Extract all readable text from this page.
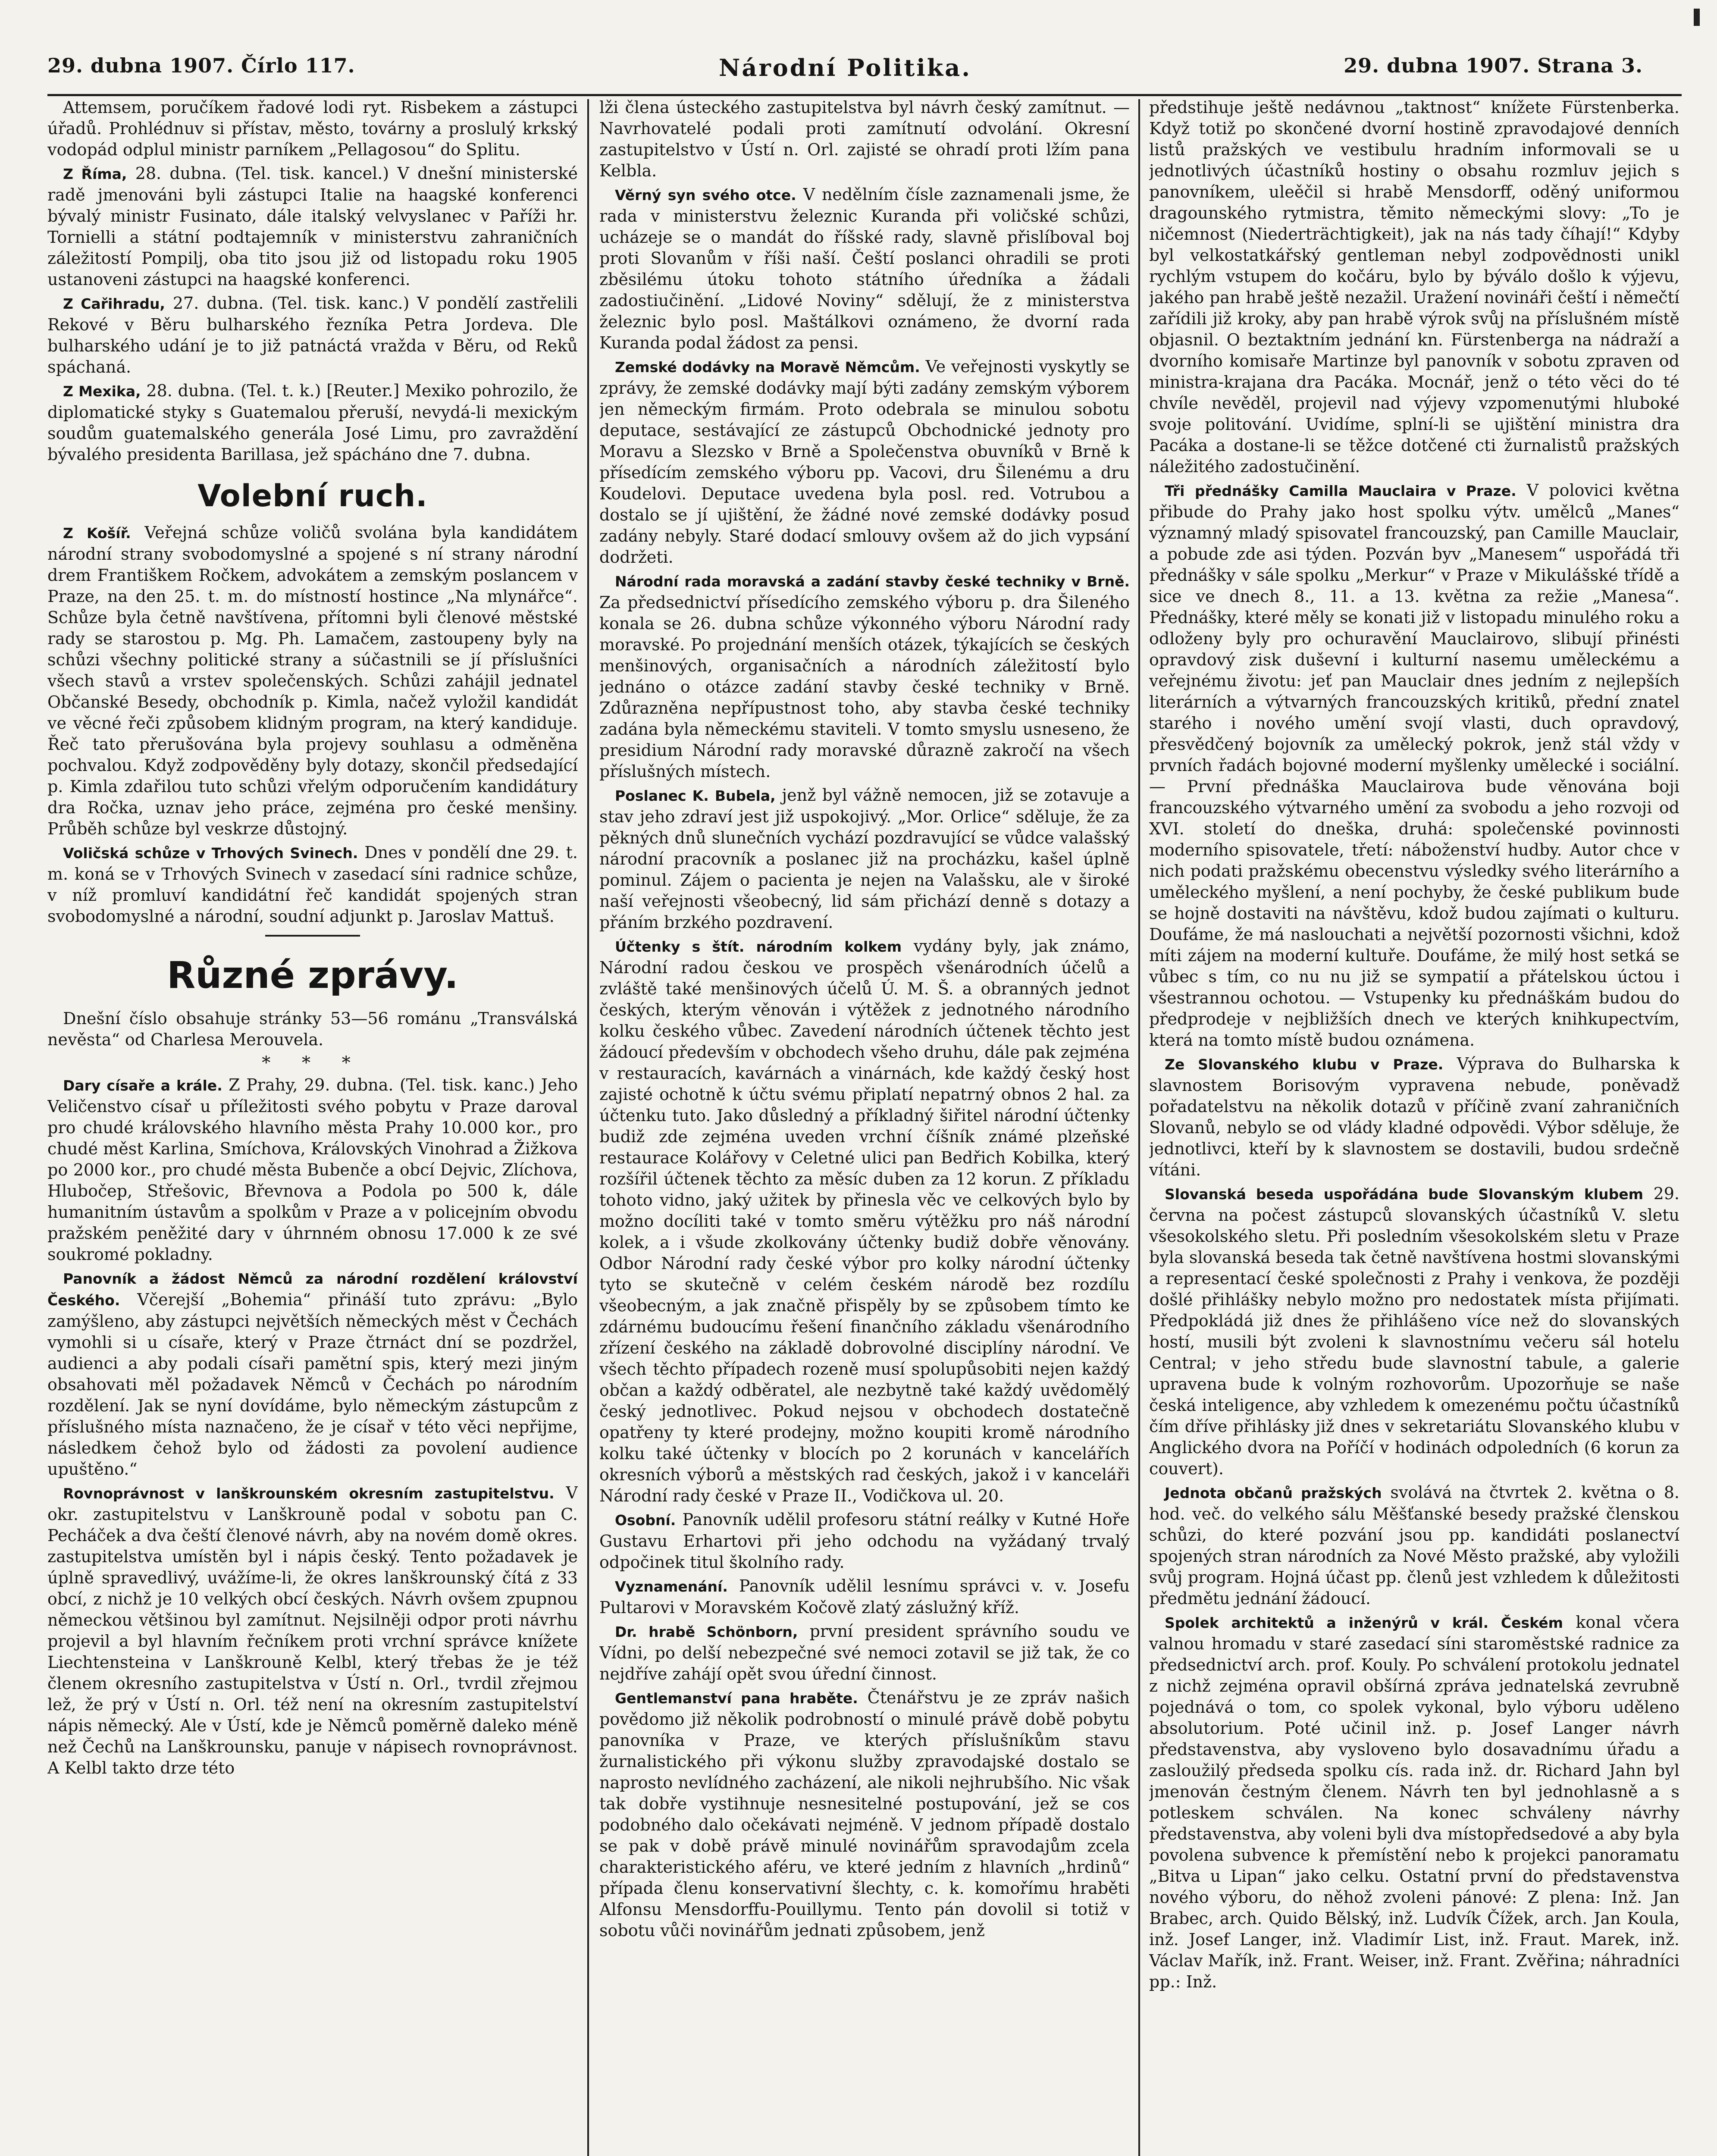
29. dubna 1907. Čírlo 117.	Národní Politika.	29. dubna 1907. Strana 3.

Attemsem, poručíkem řadové lodi ryt. Risbekem a zástupci úřadů. Prohlédnuv si přístav, město, továrny a proslulý krkský vodopád odplul ministr parníkem „Pellagosou“ do Splitu.

Z Říma, 28. dubna. (Tel. tisk. kancel.) V dnešní ministerské radě jmenováni byli zástupci Italie na haagské konferenci bývalý ministr Fusinato, dále italský velvyslanec v Paříži hr. Tornielli a státní podtajemník v ministerstvu zahraničních záležitostí Pompilj, oba tito jsou již od listopadu roku 1905 ustanoveni zástupci na haagské konferenci.

Z Cařihradu, 27. dubna. (Tel. tisk. kanc.) V pondělí zastřelili Rekové v Běru bulharského řezníka Petra Jordeva. Dle bulharského udání je to již patnáctá vražda v Běru, od Reků spáchaná.

Z Mexika, 28. dubna. (Tel. t. k.) [Reuter.] Mexiko pohrozilo, že diplomatické styky s Guatemalou přeruší, nevydá-li mexickým soudům guatemalského generála José Limu, pro zavraždění bývalého presidenta Barillasa, jež spácháno dne 7. dubna.

Volební ruch.

Z Košíř. Veřejná schůze voličů svolána byla kandidátem národní strany svobodomyslné a spojené s ní strany národní drem Františkem Ročkem, advokátem a zemským poslancem v Praze, na den 25. t. m. do místností hostince „Na mlynářce“. Schůze byla četně navštívena, přítomni byli členové městské rady se starostou p. Mg. Ph. Lamačem, zastoupeny byly na schůzi všechny politické strany a súčastnili se jí příslušníci všech stavů a vrstev společenských. Schůzi zahájil jednatel Občanské Besedy, obchodník p. Kimla, načež vyložil kandidát ve věcné řeči způsobem klidným program, na který kandiduje. Řeč tato přerušována byla projevy souhlasu a odměněna pochvalou. Když zodpověděny byly dotazy, skončil předsedající p. Kimla zdařilou tuto schůzi vřelým odporučením kandidátury dra Ročka, uznav jeho práce, zejména pro české menšiny. Průběh schůze byl veskrze důstojný.

Voličská schůze v Trhových Svinech. Dnes v pondělí dne 29. t. m. koná se v Trhových Svinech v zasedací síni radnice schůze, v níž promluví kandidátní řeč kandidát spojených stran svobodomyslné a národní, soudní adjunkt p. Jaroslav Mattuš.

Různé zprávy.

Dnešní číslo obsahuje stránky 53—56 románu „Transválská nevěsta“ od Charlesa Merouvela.

* * *

Dary císaře a krále. Z Prahy, 29. dubna. (Tel. tisk. kanc.) Jeho Veličenstvo císař u příležitosti svého pobytu v Praze daroval pro chudé královského hlavního města Prahy 10.000 kor., pro chudé měst Karlina, Smíchova, Královských Vinohrad a Žižkova po 2000 kor., pro chudé města Bubenče a obcí Dejvic, Zlíchova, Hlubočep, Střešovic, Břevnova a Podola po 500 k, dále humanitním ústavům a spolkům v Praze a v policejním obvodu pražském peněžité dary v úhrnném obnosu 17.000 k ze své soukromé pokladny.

Panovník a žádost Němců za národní rozdělení království Českého. Včerejší „Bohemia“ přináší tuto zprávu: „Bylo zamýšleno, aby zástupci největších německých měst v Čechách vymohli si u císaře, který v Praze čtrnáct dní se pozdržel, audienci a aby podali císaři pamětní spis, který mezi jiným obsahovati měl požadavek Němců v Čechách po národním rozdělení. Jak se nyní dovídáme, bylo německým zástupcům z příslušného místa naznačeno, že je císař v této věci nepřijme, následkem čehož bylo od žádosti za povolení audience upuštěno.“

Rovnoprávnost v lanškrounském okresním zastupitelstvu. V okr. zastupitelstvu v Lanškrouně podal v sobotu pan C. Pecháček a dva čeští členové návrh, aby na novém domě okres. zastupitelstva umístěn byl i nápis český. Tento požadavek je úplně spravedlivý, uvážíme-li, že okres lanškrounský čítá z 33 obcí, z nichž je 10 velkých obcí českých. Návrh ovšem zpupnou německou většinou byl zamítnut. Nejsilněji odpor proti návrhu projevil a byl hlavním řečníkem proti vrchní správce knížete Liechtensteina v Lanškrouně Kelbl, který třebas že je též členem okresního zastupitelstva v Ústí n. Orl., tvrdil zřejmou lež, že prý v Ústí n. Orl. též není na okresním zastupitelství nápis německý. Ale v Ústí, kde je Němců poměrně daleko méně než Čechů na Lanškrounsku, panuje v nápisech rovnoprávnost. A Kelbl takto drze této

lži člena ústeckého zastupitelstva byl návrh český zamítnut. — Navrhovatelé podali proti zamítnutí odvolání. Okresní zastupitelstvo v Ústí n. Orl. zajisté se ohradí proti lžím pana Kelbla.

Věrný syn svého otce. V nedělním čísle zaznamenali jsme, že rada v ministerstvu železnic Kuranda při voličské schůzi, ucházeje se o mandát do říšské rady, slavně přislíboval boj proti Slovanům v říši naší. Čeští poslanci ohradili se proti zběsilému útoku tohoto státního úředníka a žádali zadostiučinění. „Lidové Noviny“ sdělují, že z ministerstva železnic bylo posl. Maštálkovi oznámeno, že dvorní rada Kuranda podal žádost za pensi.

Zemské dodávky na Moravě Němcům. Ve veřejnosti vyskytly se zprávy, že zemské dodávky mají býti zadány zemským výborem jen německým firmám. Proto odebrala se minulou sobotu deputace, sestávající ze zástupců Obchodnické jednoty pro Moravu a Slezsko v Brně a Společenstva obuvníků v Brně k přísedícím zemského výboru pp. Vacovi, dru Šilenému a dru Koudelovi. Deputace uvedena byla posl. red. Votrubou a dostalo se jí ujištění, že žádné nové zemské dodávky posud zadány nebyly. Staré dodací smlouvy ovšem až do jich vypsání dodržeti.

Národní rada moravská a zadání stavby české techniky v Brně. Za předsednictví přísedícího zemského výboru p. dra Šileného konala se 26. dubna schůze výkonného výboru Národní rady moravské. Po projednání menších otázek, týkajících se českých menšinových, organisačních a národních záležitostí bylo jednáno o otázce zadání stavby české techniky v Brně. Zdůrazněna nepřípustnost toho, aby stavba české techniky zadána byla německému staviteli. V tomto smyslu usneseno, že presidium Národní rady moravské důrazně zakročí na všech příslušných místech.

Poslanec K. Bubela, jenž byl vážně nemocen, již se zotavuje a stav jeho zdraví jest již uspokojivý. „Mor. Orlice“ sděluje, že za pěkných dnů slunečních vychází pozdravující se vůdce valašský národní pracovník a poslanec již na procházku, kašel úplně pominul. Zájem o pacienta je nejen na Valašsku, ale v široké naší veřejnosti všeobecný, lid sám přichází denně s dotazy a přáním brzkého pozdravení.

Účtenky s štít. národním kolkem vydány byly, jak známo, Národní radou českou ve prospěch všenárodních účelů a zvláště také menšinových účelů Ú. M. Š. a obranných jednot českých, kterým věnován i výtěžek z jednotného národního kolku českého vůbec. Zavedení národních účtenek těchto jest žádoucí především v obchodech všeho druhu, dále pak zejména v restauracích, kavárnách a vinárnách, kde každý český host zajisté ochotně k účtu svému připlatí nepatrný obnos 2 hal. za účtenku tuto. Jako důsledný a příkladný šiřitel národní účtenky budiž zde zejména uveden vrchní číšník známé plzeňské restaurace Kolářovy v Celetné ulici pan Bedřich Kobilka, který rozšířil účtenek těchto za měsíc duben za 12 korun. Z příkladu tohoto vidno, jaký užitek by přinesla věc ve celkových bylo by možno docíliti také v tomto směru výtěžku pro náš národní kolek, a i všude zkolkovány účtenky budiž dobře věnovány. Odbor Národní rady české výbor pro kolky národní účtenky tyto se skutečně v celém českém národě bez rozdílu všeobecným, a jak značně přispěly by se způsobem tímto ke zdárnému budoucímu řešení finančního základu všenárodního zřízení českého na základě dobrovolné disciplíny národní. Ve všech těchto případech rozeně musí spolupůsobiti nejen každý občan a každý odběratel, ale nezbytně také každý uvědomělý český jednotlivec. Pokud nejsou v obchodech dostatečně opatřeny ty které prodejny, možno koupiti kromě národního kolku také účtenky v blocích po 2 korunách v kancelářích okresních výborů a městských rad českých, jakož i v kanceláři Národní rady české v Praze II., Vodičkova ul. 20.

Osobní. Panovník udělil profesoru státní reálky v Kutné Hoře Gustavu Erhartovi při jeho odchodu na vyžádaný trvalý odpočinek titul školního rady.

Vyznamenání. Panovník udělil lesnímu správci v. v. Josefu Pultarovi v Moravském Kočově zlatý záslužný kříž.

Dr. hrabě Schönborn, první president správního soudu ve Vídni, po delší nebezpečné své nemoci zotavil se již tak, že co nejdříve zahájí opět svou úřední činnost.

Gentlemanství pana hraběte. Čtenářstvu je ze zpráv našich povědomo již několik podrobností o minulé právě době pobytu panovníka v Praze, ve kterých příslušníkům stavu žurnalistického při výkonu služby zpravodajské dostalo se naprosto nevlídného zacházení, ale nikoli nejhrubšího. Nic však tak dobře vystihnuje nesnesitelné postupování, jež se cos podobného dalo očekávati nejméně. V jednom případě dostalo se pak v době právě minulé novinářům spravodajům zcela charakteristického aféru, ve které jedním z hlavních „hrdinů“ případa členu konservativní šlechty, c. k. komořímu hraběti Alfonsu Mensdorffu-Pouillymu. Tento pán dovolil si totiž v sobotu vůči novinářům jednati způsobem, jenž

předstihuje ještě nedávnou „taktnost“ knížete Fürstenberka. Když totiž po skončené dvorní hostině zpravodajové denních listů pražských ve vestibulu hradním informovali se u jednotlivých účastníků hostiny o obsahu rozmluv jejich s panovníkem, uleěčil si hrabě Mensdorff, oděný uniformou dragounského rytmistra, těmito německými slovy: „To je ničemnost (Niederträchtigkeit), jak na nás tady číhají!“ Kdyby byl velkostatkářský gentleman nebyl zodpovědnosti unikl rychlým vstupem do kočáru, bylo by býválo došlo k výjevu, jakého pan hrabě ještě nezažil. Uražení novináři čeští i němečtí zařídili již kroky, aby pan hrabě výrok svůj na příslušném místě objasnil. O beztaktním jednání kn. Fürstenberga na nádraží a dvorního komisaře Martinze byl panovník v sobotu zpraven od ministra-krajana dra Pacáka. Mocnář, jenž o této věci do té chvíle nevěděl, projevil nad výjevy vzpomenutými hluboké svoje politování. Uvidíme, splní-li se ujištění ministra dra Pacáka a dostane-li se těžce dotčené cti žurnalistů pražských náležitého zadostučinění.

Tři přednášky Camilla Mauclaira v Praze. V polovici května přibude do Prahy jako host spolku výtv. umělců „Manes“ významný mladý spisovatel francouzský, pan Camille Mauclair, a pobude zde asi týden. Pozván byv „Manesem“ uspořádá tři přednášky v sále spolku „Merkur“ v Praze v Mikulášské třídě a sice ve dnech 8., 11. a 13. května za režie „Manesa“. Přednášky, které měly se konati již v listopadu minulého roku a odloženy byly pro ochuravění Mauclairovo, slibují přinésti opravdový zisk duševní i kulturní nasemu uměleckému a veřejnému životu: jeť pan Mauclair dnes jedním z nejlepších literárních a výtvarných francouzských kritiků, přední znatel starého i nového umění svojí vlasti, duch opravdový, přesvědčený bojovník za umělecký pokrok, jenž stál vždy v prvních řadách bojovné moderní myšlenky umělecké i sociální. — První přednáška Mauclairova bude věnována boji francouzského výtvarného umění za svobodu a jeho rozvoji od XVI. století do dneška, druhá: společenské povinnosti moderního spisovatele, třetí: náboženství hudby. Autor chce v nich podati pražskému obecenstvu výsledky svého literárního a uměleckého myšlení, a není pochyby, že české publikum bude se hojně dostaviti na návštěvu, kdož budou zajímati o kulturu. Doufáme, že má naslouchati a největší pozornosti všichni, kdož míti zájem na moderní kultuře. Doufáme, že milý host setká se vůbec s tím, co nu nu již se sympatií a přátelskou úctou i všestrannou ochotou. — Vstupenky ku přednáškám budou do předprodeje v nejbližších dnech ve kterých knihkupectvím, která na tomto místě budou oznámena.

Ze Slovanského klubu v Praze. Výprava do Bulharska k slavnostem Borisovým vypravena nebude, poněvadž pořadatelstvu na několik dotazů v příčině zvaní zahraničních Slovanů, nebylo se od vlády kladné odpovědi. Výbor sděluje, že jednotlivci, kteří by k slavnostem se dostavili, budou srdečně vítáni.

Slovanská beseda uspořádána bude Slovanským klubem 29. června na počest zástupců slovanských účastníků V. sletu všesokolského sletu. Při posledním všesokolském sletu v Praze byla slovanská beseda tak četně navštívena hostmi slovanskými a representací české společnosti z Prahy i venkova, že později došlé přihlášky nebylo možno pro nedostatek místa přijímati. Předpokládá již dnes že přihlášeno více než do slovanských hostí, musili být zvoleni k slavnostnímu večeru sál hotelu Central; v jeho středu bude slavnostní tabule, a galerie upravena bude k volným rozhovorům. Upozorňuje se naše česká inteligence, aby vzhledem k omezenému počtu účastníků čím dříve přihlásky již dnes v sekretariátu Slovanského klubu v Anglického dvora na Poříčí v hodinách odpoledních (6 korun za couvert).

Jednota občanů pražských svolává na čtvrtek 2. května o 8. hod. več. do velkého sálu Měšťanské besedy pražské členskou schůzi, do které pozvání jsou pp. kandidáti poslanectví spojených stran národních za Nové Město pražské, aby vyložili svůj program. Hojná účast pp. členů jest vzhledem k důležitosti předmětu jednání žádoucí.

Spolek architektů a inženýrů v král. Českém konal včera valnou hromadu v staré zasedací síni staroměstské radnice za předsednictví arch. prof. Kouly. Po schválení protokolu jednatel z nichž zejména opravil obšírná zpráva jednatelská zevrubně pojednává o tom, co spolek vykonal, bylo výboru uděleno absolutorium. Poté učinil inž. p. Josef Langer návrh představenstva, aby vysloveno bylo dosavadnímu úřadu a zasloužilý předseda spolku cís. rada inž. dr. Richard Jahn byl jmenován čestným členem. Návrh ten byl jednohlasně a s potleskem schválen. Na konec schváleny návrhy představenstva, aby voleni byli dva místopředsedové a aby byla povolena subvence k přemístění nebo k projekci panoramatu „Bitva u Lipan“ jako celku. Ostatní první do představenstva nového výboru, do něhož zvoleni pánové: Z plena: Inž. Jan Brabec, arch. Quido Bělský, inž. Ludvík Čížek, arch. Jan Koula, inž. Josef Langer, inž. Vladimír List, inž. Fraut. Marek, inž. Václav Mařík, inž. Frant. Weiser, inž. Frant. Zvěřina; náhradníci pp.: Inž.
